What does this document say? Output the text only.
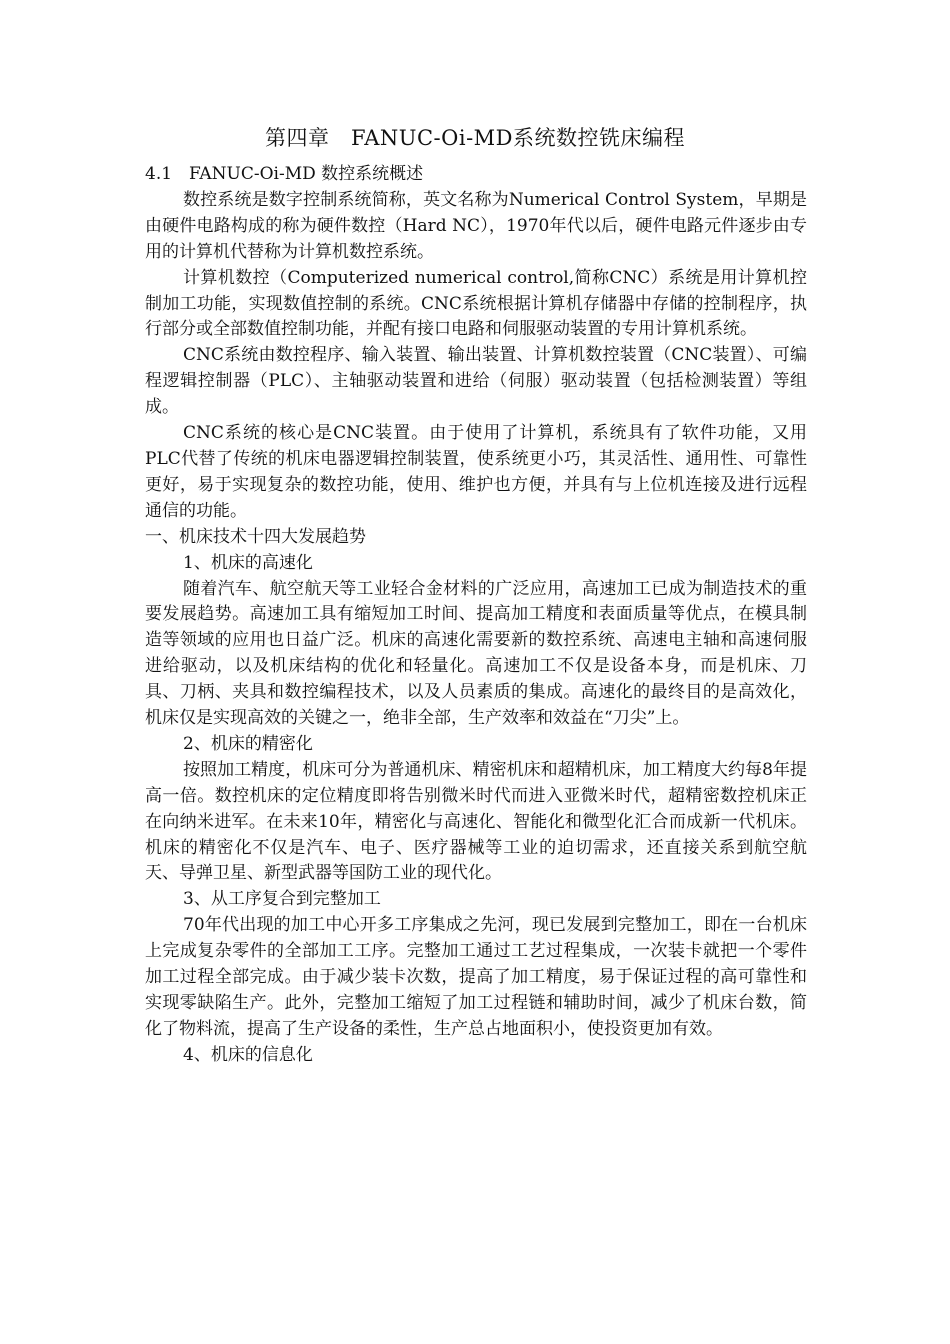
第四章　FANUC-Oi-MD系统数控铣床编程

4.1　FANUC-Oi-MD 数控系统概述

数控系统是数字控制系统简称，英文名称为Numerical Control System，早期是由硬件电路构成的称为硬件数控（Hard NC），1970年代以后，硬件电路元件逐步由专用的计算机代替称为计算机数控系统。

计算机数控（Computerized numerical control,简称CNC）系统是用计算机控制加工功能，实现数值控制的系统。CNC系统根据计算机存储器中存储的控制程序，执行部分或全部数值控制功能，并配有接口电路和伺服驱动装置的专用计算机系统。

CNC系统由数控程序、输入装置、输出装置、计算机数控装置（CNC装置）、可编程逻辑控制器（PLC）、主轴驱动装置和进给（伺服）驱动装置（包括检测装置）等组成。

CNC系统的核心是CNC装置。由于使用了计算机，系统具有了软件功能，又用PLC代替了传统的机床电器逻辑控制装置，使系统更小巧，其灵活性、通用性、可靠性更好，易于实现复杂的数控功能，使用、维护也方便，并具有与上位机连接及进行远程通信的功能。

一、机床技术十四大发展趋势

1、机床的高速化

随着汽车、航空航天等工业轻合金材料的广泛应用，高速加工已成为制造技术的重要发展趋势。高速加工具有缩短加工时间、提高加工精度和表面质量等优点，在模具制造等领域的应用也日益广泛。机床的高速化需要新的数控系统、高速电主轴和高速伺服进给驱动，以及机床结构的优化和轻量化。高速加工不仅是设备本身，而是机床、刀具、刀柄、夹具和数控编程技术，以及人员素质的集成。高速化的最终目的是高效化，机床仅是实现高效的关键之一，绝非全部，生产效率和效益在“刀尖”上。

2、机床的精密化

按照加工精度，机床可分为普通机床、精密机床和超精机床，加工精度大约每8年提高一倍。数控机床的定位精度即将告别微米时代而进入亚微米时代，超精密数控机床正在向纳米进军。在未来10年，精密化与高速化、智能化和微型化汇合而成新一代机床。机床的精密化不仅是汽车、电子、医疗器械等工业的迫切需求，还直接关系到航空航天、导弹卫星、新型武器等国防工业的现代化。

3、从工序复合到完整加工

70年代出现的加工中心开多工序集成之先河，现已发展到完整加工，即在一台机床上完成复杂零件的全部加工工序。完整加工通过工艺过程集成，一次装卡就把一个零件加工过程全部完成。由于减少装卡次数，提高了加工精度，易于保证过程的高可靠性和实现零缺陷生产。此外，完整加工缩短了加工过程链和辅助时间，减少了机床台数，简化了物料流，提高了生产设备的柔性，生产总占地面积小，使投资更加有效。

4、机床的信息化
